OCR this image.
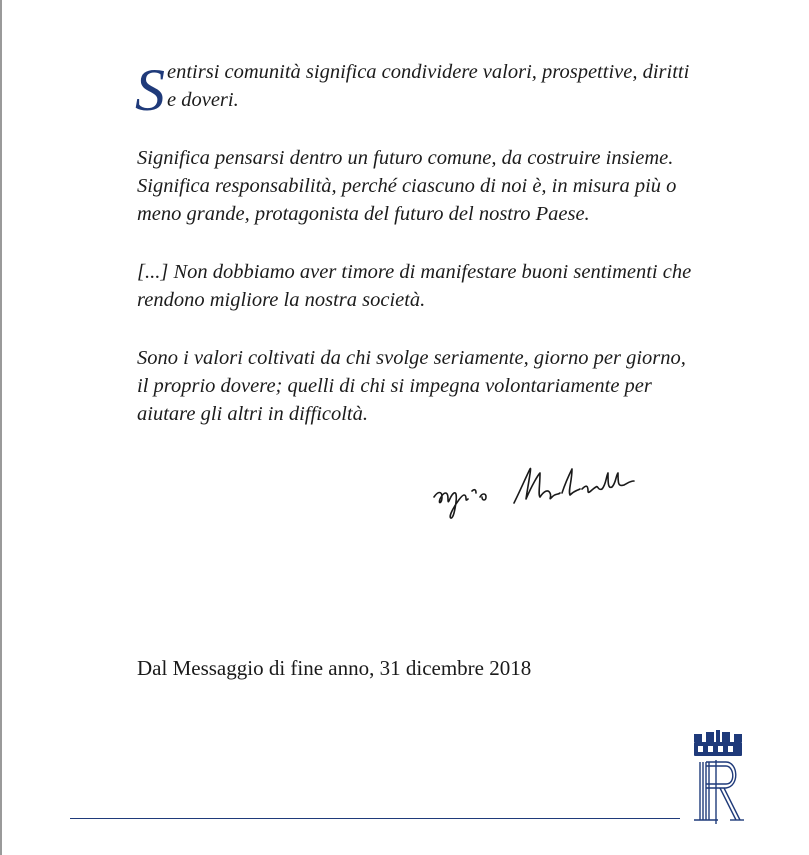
Sentirsi comunità significa condividere valori, prospettive, diritti e doveri.

Significa pensarsi dentro un futuro comune, da costruire insieme. Significa responsabilità, perché ciascuno di noi è, in misura più o meno grande, protagonista del futuro del nostro Paese.

[...] Non dobbiamo aver timore di manifestare buoni sentimenti che rendono migliore la nostra società.

Sono i valori coltivati da chi svolge seriamente, giorno per giorno, il proprio dovere; quelli di chi si impegna volontariamente per aiutare gli altri in difficoltà.

Dal Messaggio di fine anno, 31 dicembre 2018
